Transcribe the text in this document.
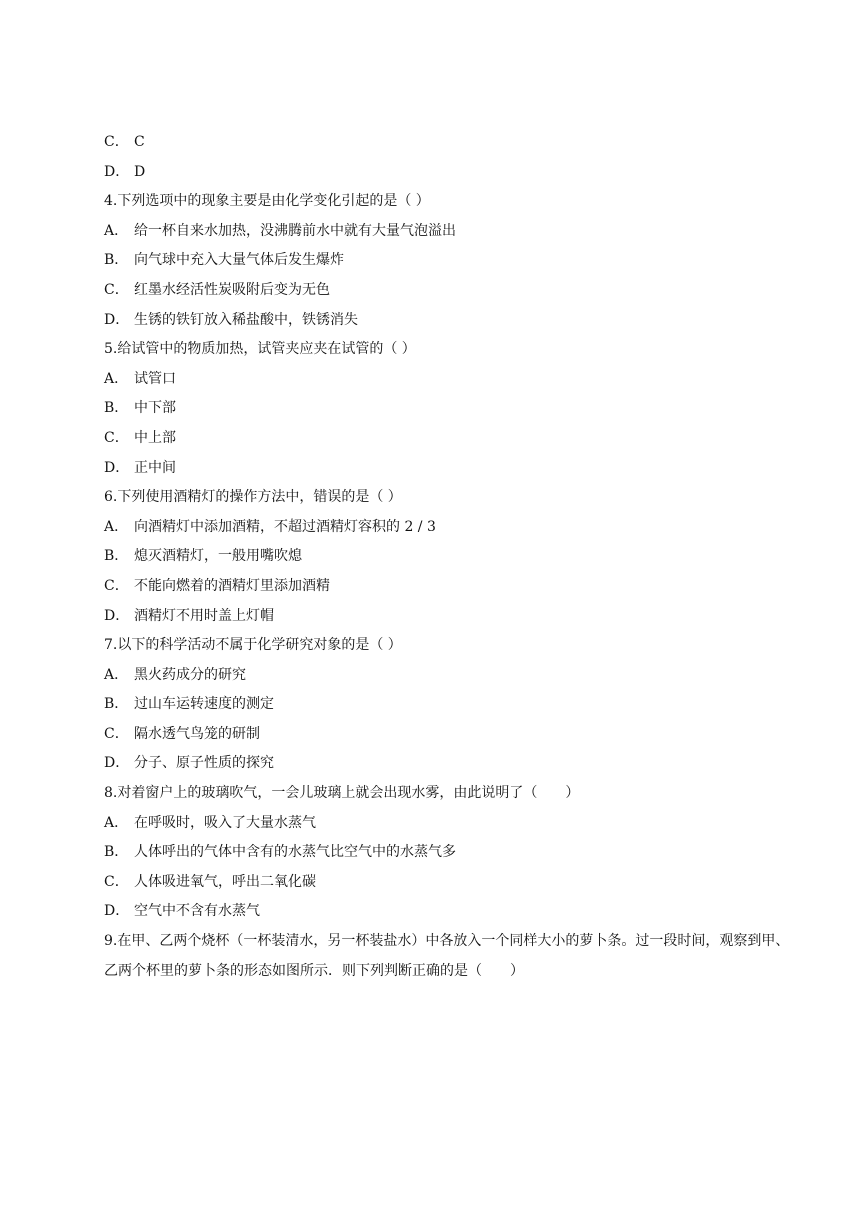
C． C
D． D
4.下列选项中的现象主要是由化学变化引起的是（ ）
A． 给一杯自来水加热，没沸腾前水中就有大量气泡溢出
B． 向气球中充入大量气体后发生爆炸
C． 红墨水经活性炭吸附后变为无色
D． 生锈的铁钉放入稀盐酸中，铁锈消失
5.给试管中的物质加热，试管夹应夹在试管的（ ）
A． 试管口
B． 中下部
C． 中上部
D． 正中间
6.下列使用酒精灯的操作方法中，错误的是（ ）
A． 向酒精灯中添加酒精，不超过酒精灯容积的 2 / 3
B． 熄灭酒精灯，一般用嘴吹熄
C． 不能向燃着的酒精灯里添加酒精
D． 酒精灯不用时盖上灯帽
7.以下的科学活动不属于化学研究对象的是（ ）
A． 黑火药成分的研究
B． 过山车运转速度的测定
C． 隔水透气鸟笼的研制
D． 分子、原子性质的探究
8.对着窗户上的玻璃吹气，一会儿玻璃上就会出现水雾，由此说明了（　　）
A． 在呼吸时，吸入了大量水蒸气
B． 人体呼出的气体中含有的水蒸气比空气中的水蒸气多
C． 人体吸进氧气，呼出二氧化碳
D． 空气中不含有水蒸气
9.在甲、乙两个烧杯（一杯装清水，另一杯装盐水）中各放入一个同样大小的萝卜条。过一段时间，观察到甲、乙两个杯里的萝卜条的形态如图所示．则下列判断正确的是（　　）
